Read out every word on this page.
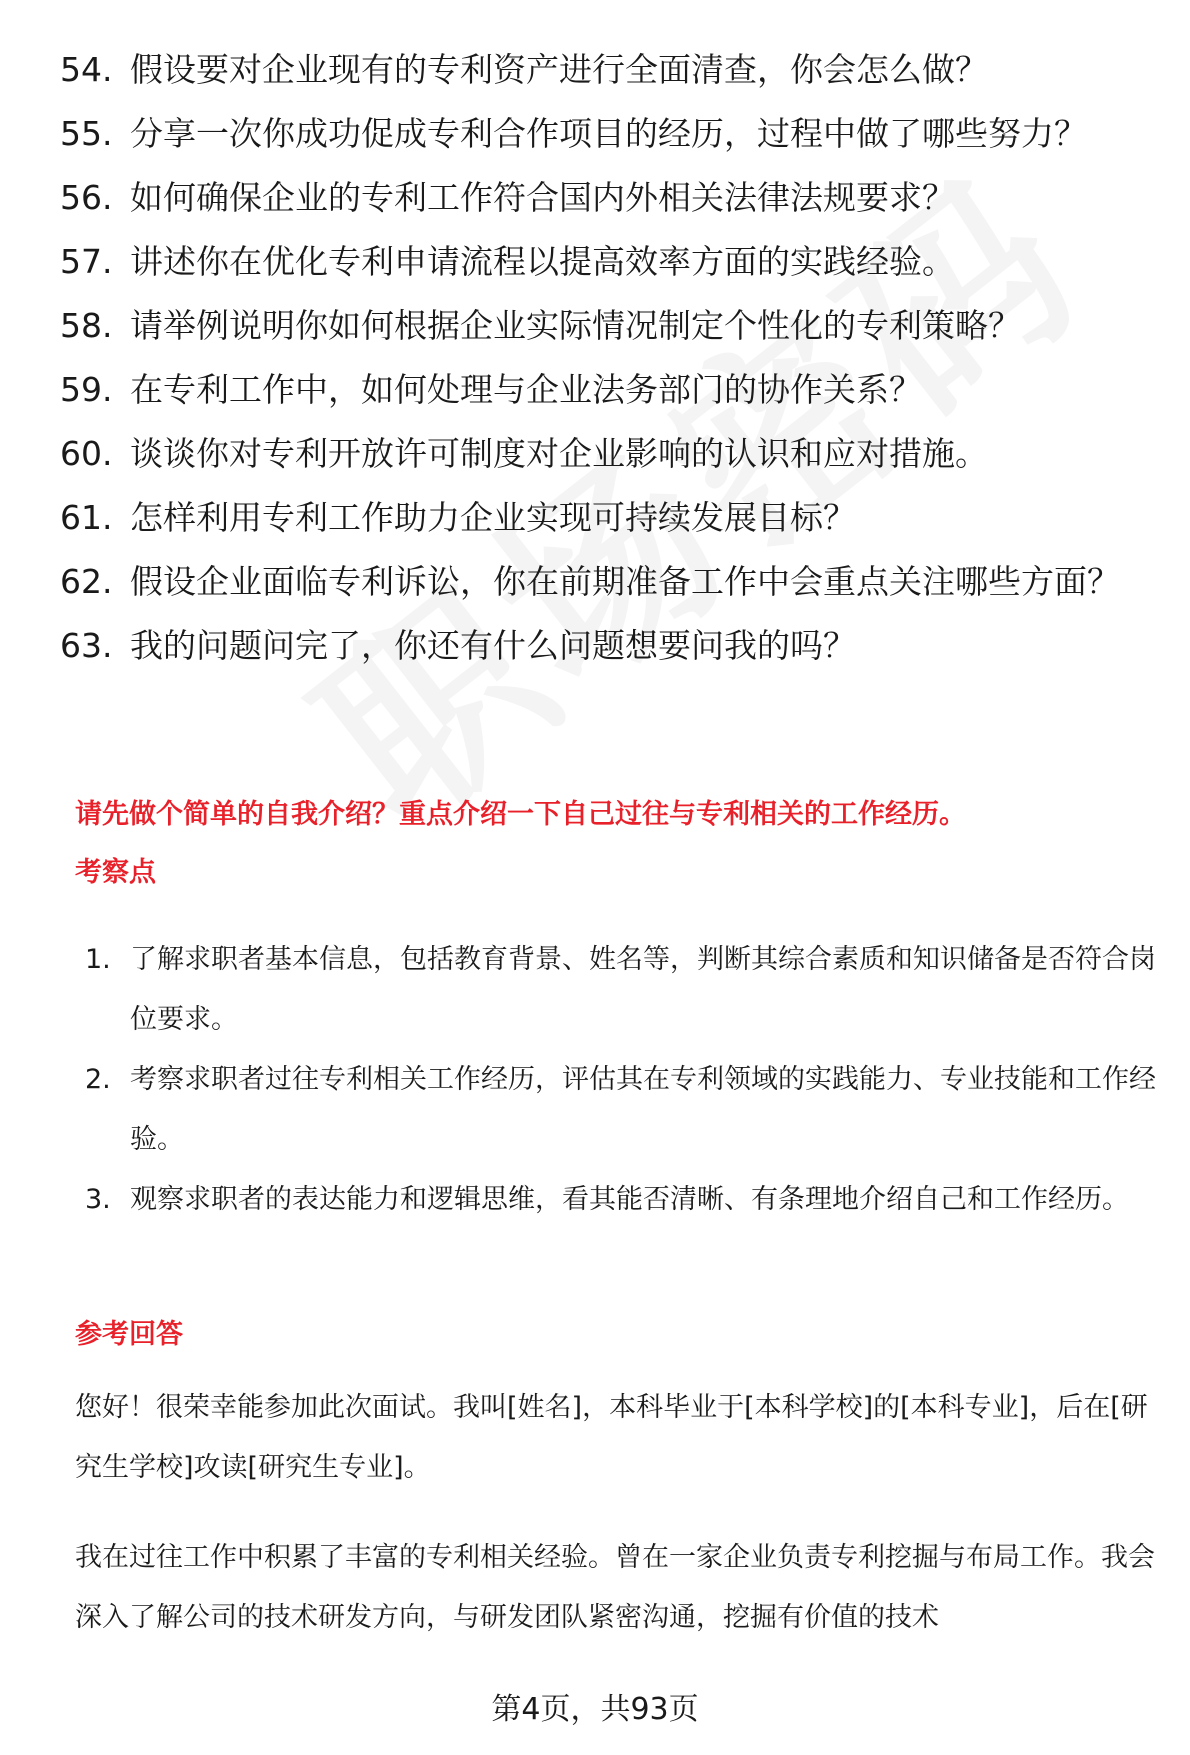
54. 假设要对企业现有的专利资产进行全面清查，你会怎么做？
55. 分享一次你成功促成专利合作项目的经历，过程中做了哪些努力？
56. 如何确保企业的专利工作符合国内外相关法律法规要求？
57. 讲述你在优化专利申请流程以提高效率方面的实践经验。
58. 请举例说明你如何根据企业实际情况制定个性化的专利策略？
59. 在专利工作中，如何处理与企业法务部门的协作关系？
60. 谈谈你对专利开放许可制度对企业影响的认识和应对措施。
61. 怎样利用专利工作助力企业实现可持续发展目标？
62. 假设企业面临专利诉讼，你在前期准备工作中会重点关注哪些方面？
63. 我的问题问完了，你还有什么问题想要问我的吗？
请先做个简单的自我介绍？重点介绍一下自己过往与专利相关的工作经历。
考察点
1. 了解求职者基本信息，包括教育背景、姓名等，判断其综合素质和知识储备是否符合岗位要求。
2. 考察求职者过往专利相关工作经历，评估其在专利领域的实践能力、专业技能和工作经验。
3. 观察求职者的表达能力和逻辑思维，看其能否清晰、有条理地介绍自己和工作经历。
参考回答

您好！很荣幸能参加此次面试。我叫[姓名]，本科毕业于[本科学校]的[本科专业]，后在[研究生学校]攻读[研究生专业]。

我在过往工作中积累了丰富的专利相关经验。曾在一家企业负责专利挖掘与布局工作。我会深入了解公司的技术研发方向，与研发团队紧密沟通，挖掘有价值的技术

第4页，共93页
